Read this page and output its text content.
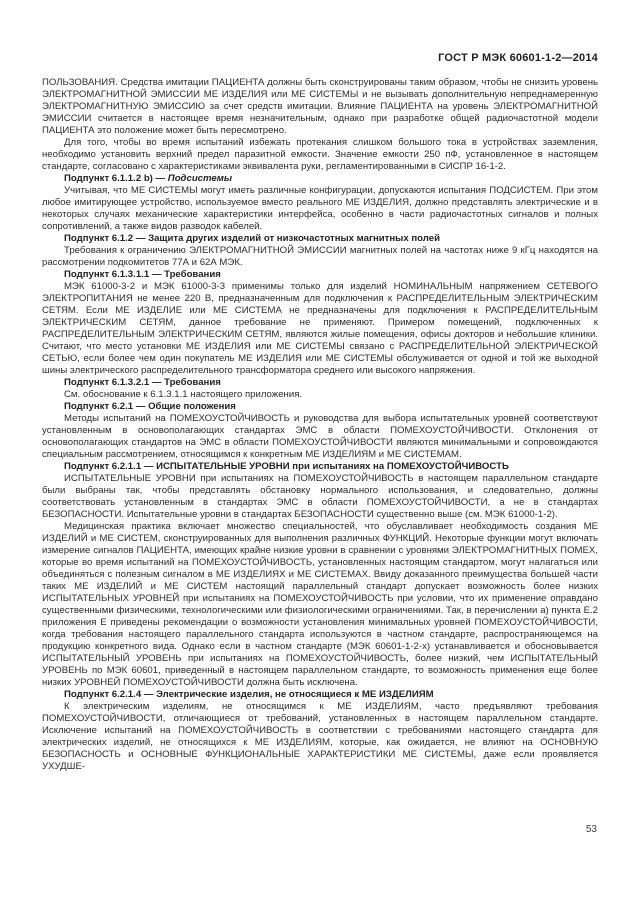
ГОСТ Р МЭК 60601-1-2—2014

ПОЛЬЗОВАНИЯ. Средства имитации ПАЦИЕНТА должны быть сконструированы таким образом, чтобы не снизить уровень ЭЛЕКТРОМАГНИТНОЙ ЭМИССИИ МЕ ИЗДЕЛИЯ или МЕ СИСТЕМЫ и не вызывать дополнительную непреднамеренную ЭЛЕКТРОМАГНИТНУЮ ЭМИССИЮ за счет средств имитации. Влияние ПАЦИЕНТА на уровень ЭЛЕКТРОМАГНИТНОЙ ЭМИССИИ считается в настоящее время незначительным, однако при разработке общей радиочастотной модели ПАЦИЕНТА это положение может быть пересмотрено.

Для того, чтобы во время испытаний избежать протекания слишком большого тока в устройствах заземления, необходимо установить верхний предел паразитной емкости. Значение емкости 250 пФ, установленное в настоящем стандарте, согласовано с характеристиками эквивалента руки, регламентированными в СИСПР 16-1-2.

Подпункт 6.1.1.2 b) — Подсистемы

Учитывая, что МЕ СИСТЕМЫ могут иметь различные конфигурации, допускаются испытания ПОДСИСТЕМ. При этом любое имитирующее устройство, используемое вместо реального МЕ ИЗДЕЛИЯ, должно представлять электрические и в некоторых случаях механические характеристики интерфейса, особенно в части радиочастотных сигналов и полных сопротивлений, а также видов разводок кабелей.

Подпункт 6.1.2 — Защита других изделий от низкочастотных магнитных полей

Требования к ограничению ЭЛЕКТРОМАГНИТНОЙ ЭМИССИИ магнитных полей на частотах ниже 9 кГц находятся на рассмотрении подкомитетов 77А и 62А МЭК.

Подпункт 6.1.3.1.1 — Требования

МЭК 61000-3-2 и МЭК 61000-3-3 применимы только для изделий НОМИНАЛЬНЫМ напряжением СЕТЕВОГО ЭЛЕКТРОПИТАНИЯ не менее 220 В, предназначенным для подключения к РАСПРЕДЕЛИТЕЛЬНЫМ ЭЛЕКТРИЧЕСКИМ СЕТЯМ. Если МЕ ИЗДЕЛИЕ или МЕ СИСТЕМА не предназначены для подключения к РАСПРЕДЕЛИТЕЛЬНЫМ ЭЛЕКТРИЧЕСКИМ СЕТЯМ, данное требование не применяют. Примером помещений, подключенных к РАСПРЕДЕЛИТЕЛЬНЫМ ЭЛЕКТРИЧЕСКИМ СЕТЯМ, являются жилые помещения, офисы докторов и небольшие клиники. Считают, что место установки МЕ ИЗДЕЛИЯ или МЕ СИСТЕМЫ связано с РАСПРЕДЕЛИТЕЛЬНОЙ ЭЛЕКТРИЧЕСКОЙ СЕТЬЮ, если более чем один покупатель МЕ ИЗДЕЛИЯ или МЕ СИСТЕМЫ обслуживается от одной и той же выходной шины электрического распределительного трансформатора среднего или высокого напряжения.

Подпункт 6.1.3.2.1 — Требования

См. обоснование к 6.1.3.1.1 настоящего приложения.

Подпункт 6.2.1 — Общие положения

Методы испытаний на ПОМЕХОУСТОЙЧИВОСТЬ и руководства для выбора испытательных уровней соответствуют установленным в основополагающих стандартах ЭМС в области ПОМЕХОУСТОЙЧИВОСТИ. Отклонения от основополагающих стандартов на ЭМС в области ПОМЕХОУСТОЙЧИВОСТИ являются минимальными и сопровождаются специальным рассмотрением, относящимся к конкретным МЕ ИЗДЕЛИЯМ и МЕ СИСТЕМАМ.

Подпункт 6.2.1.1 — ИСПЫТАТЕЛЬНЫЕ УРОВНИ при испытаниях на ПОМЕХОУСТОЙЧИВОСТЬ

ИСПЫТАТЕЛЬНЫЕ УРОВНИ при испытаниях на ПОМЕХОУСТОЙЧИВОСТЬ в настоящем параллельном стандарте были выбраны так, чтобы представлять обстановку нормального использования, и следовательно, должны соответствовать установленным в стандартах ЭМС в области ПОМЕХОУСТОЙЧИВОСТИ, а не в стандартах БЕЗОПАСНОСТИ. Испытательные уровни в стандартах БЕЗОПАСНОСТИ существенно выше (см. МЭК 61000-1-2).

Медицинская практика включает множество специальностей, что обуславливает необходимость создания МЕ ИЗДЕЛИЙ и МЕ СИСТЕМ, сконструированных для выполнения различных ФУНКЦИЙ. Некоторые функции могут включать измерение сигналов ПАЦИЕНТА, имеющих крайне низкие уровни в сравнении с уровнями ЭЛЕКТРОМАГНИТНЫХ ПОМЕХ, которые во время испытаний на ПОМЕХОУСТОЙЧИВОСТЬ, установленных настоящим стандартом, могут налагаться или объединяться с полезным сигналом в МЕ ИЗДЕЛИЯХ и МЕ СИСТЕМАХ. Ввиду доказанного преимущества большей части таких МЕ ИЗДЕЛИЙ и МЕ СИСТЕМ настоящий параллельный стандарт допускает возможность более низких ИСПЫТАТЕЛЬНЫХ УРОВНЕЙ при испытаниях на ПОМЕХОУСТОЙЧИВОСТЬ при условии, что их применение оправдано существенными физическими, технологическими или физиологическими ограничениями. Так, в перечислении а) пункта Е.2 приложения Е приведены рекомендации о возможности установления минимальных уровней ПОМЕХОУСТОЙЧИВОСТИ, когда требования настоящего параллельного стандарта используются в частном стандарте, распространяющемся на продукцию конкретного вида. Однако если в частном стандарте (МЭК 60601-1-2-х) устанавливается и обосновывается ИСПЫТАТЕЛЬНЫЙ УРОВЕНЬ при испытаниях на ПОМЕХОУСТОЙЧИВОСТЬ, более низкий, чем ИСПЫТАТЕЛЬНЫЙ УРОВЕНЬ по МЭК 60601, приведенный в настоящем параллельном стандарте, то возможность применения еще более низких УРОВНЕЙ ПОМЕХОУСТОЙЧИВОСТИ должна быть исключена.

Подпункт 6.2.1.4 — Электрические изделия, не относящиеся к МЕ ИЗДЕЛИЯМ

К электрическим изделиям, не относящимся к МЕ ИЗДЕЛИЯМ, часто предъявляют требования ПОМЕХОУСТОЙЧИВОСТИ, отличающиеся от требований, установленных в настоящем параллельном стандарте. Исключение испытаний на ПОМЕХОУСТОЙЧИВОСТЬ в соответствии с требованиями настоящего стандарта для электрических изделий, не относящихся к МЕ ИЗДЕЛИЯМ, которые, как ожидается, не влияют на ОСНОВНУЮ БЕЗОПАСНОСТЬ и ОСНОВНЫЕ ФУНКЦИОНАЛЬНЫЕ ХАРАКТЕРИСТИКИ МЕ СИСТЕМЫ, даже если проявляется УХУДШЕ-

53
